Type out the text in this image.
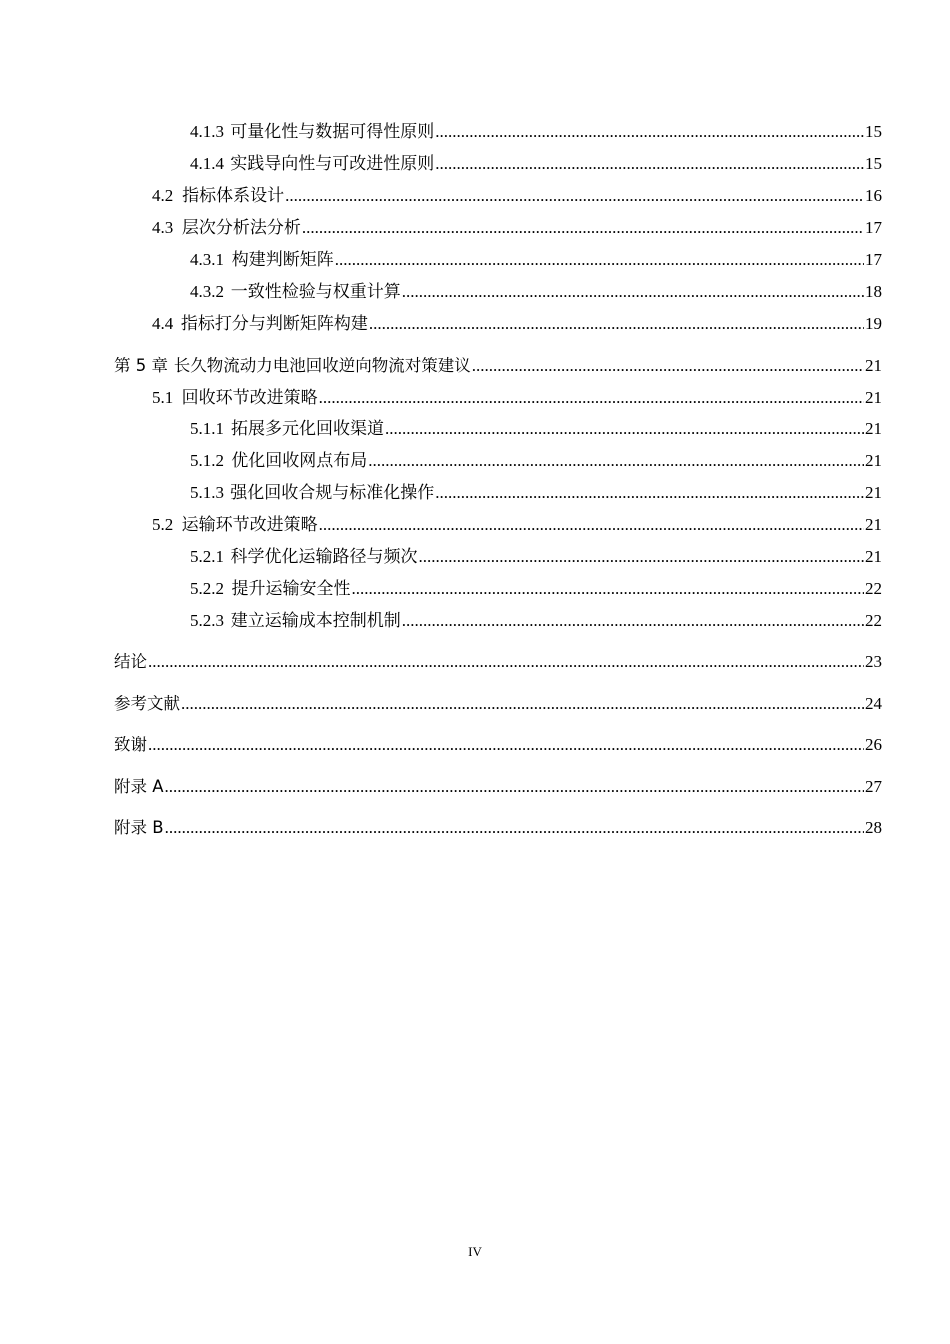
4.1.3 可量化性与数据可得性原则 .....	15
4.1.4 实践导向性与可改进性原则 .....	15
4.2 指标体系设计 .....	16
4.3 层次分析法分析 .....	17
4.3.1 构建判断矩阵 .....	17
4.3.2 一致性检验与权重计算 .....	18
4.4 指标打分与判断矩阵构建 .....	19
第 5 章 长久物流动力电池回收逆向物流对策建议 .....	21
5.1 回收环节改进策略 .....	21
5.1.1 拓展多元化回收渠道 .....	21
5.1.2 优化回收网点布局 .....	21
5.1.3 强化回收合规与标准化操作 .....	21
5.2 运输环节改进策略 .....	21
5.2.1 科学优化运输路径与频次 .....	21
5.2.2 提升运输安全性 .....	22
5.2.3 建立运输成本控制机制 .....	22
结论 .....	23
参考文献 .....	24
致谢 .....	26
附录 A .....	27
附录 B .....	28
IV
